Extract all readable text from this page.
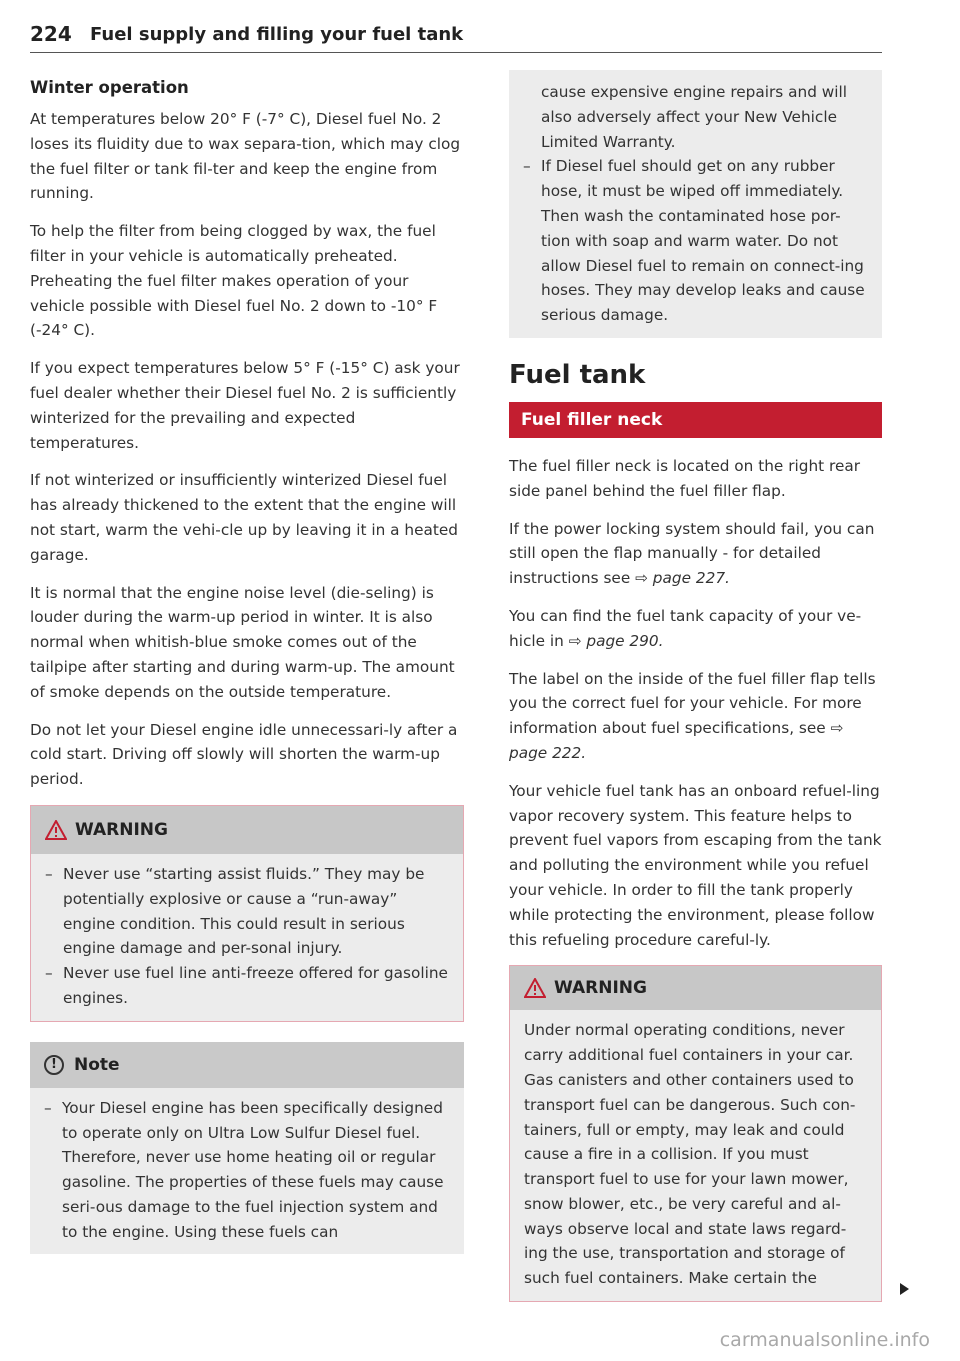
224 Fuel supply and filling your fuel tank
Winter operation

At temperatures below 20° F (-7° C), Diesel fuel No. 2 loses its fluidity due to wax separa-tion, which may clog the fuel filter or tank fil-ter and keep the engine from running.

To help the filter from being clogged by wax, the fuel filter in your vehicle is automatically preheated. Preheating the fuel filter makes operation of your vehicle possible with Diesel fuel No. 2 down to -10° F (-24° C).

If you expect temperatures below 5° F (-15° C) ask your fuel dealer whether their Diesel fuel No. 2 is sufficiently winterized for the prevailing and expected temperatures.

If not winterized or insufficiently winterized Diesel fuel has already thickened to the extent that the engine will not start, warm the vehi-cle up by leaving it in a heated garage.

It is normal that the engine noise level (die-seling) is louder during the warm-up period in winter. It is also normal when whitish-blue smoke comes out of the tailpipe after starting and during warm-up. The amount of smoke depends on the outside temperature.

Do not let your Diesel engine idle unnecessari-ly after a cold start. Driving off slowly will shorten the warm-up period.

WARNING
– Never use “starting assist fluids.” They may be potentially explosive or cause a “run-away” engine condition. This could result in serious engine damage and per-sonal injury.
– Never use fuel line anti-freeze offered for gasoline engines.
!	Note
– Your Diesel engine has been specifically designed to operate only on Ultra Low Sulfur Diesel fuel. Therefore, never use home heating oil or regular gasoline. The properties of these fuels may cause seri-ous damage to the fuel injection system and to the engine. Using these fuels can

cause expensive engine repairs and will also adversely affect your New Vehicle Limited Warranty.

– If Diesel fuel should get on any rubber hose, it must be wiped off immediately. Then wash the contaminated hose por-tion with soap and warm water. Do not allow Diesel fuel to remain on connect-ing hoses. They may develop leaks and cause serious damage.
Fuel tank
Fuel filler neck

The fuel filler neck is located on the right rear side panel behind the fuel filler flap.

If the power locking system should fail, you can still open the flap manually - for detailed instructions see ⇨ page 227.

You can find the fuel tank capacity of your ve-hicle in ⇨ page 290.

The label on the inside of the fuel filler flap tells you the correct fuel for your vehicle. For more information about fuel specifications, see ⇨ page 222.

Your vehicle fuel tank has an onboard refuel-ling vapor recovery system. This feature helps to prevent fuel vapors from escaping from the tank and polluting the environment while you refuel your vehicle. In order to fill the tank properly while protecting the environment, please follow this refueling procedure careful-ly.

WARNING

Under normal operating conditions, never carry additional fuel containers in your car. Gas canisters and other containers used to transport fuel can be dangerous. Such con-tainers, full or empty, may leak and could cause a fire in a collision. If you must transport fuel to use for your lawn mower, snow blower, etc., be very careful and al-ways observe local and state laws regard-ing the use, transportation and storage of such fuel containers. Make certain the

carmanualsonline.info
